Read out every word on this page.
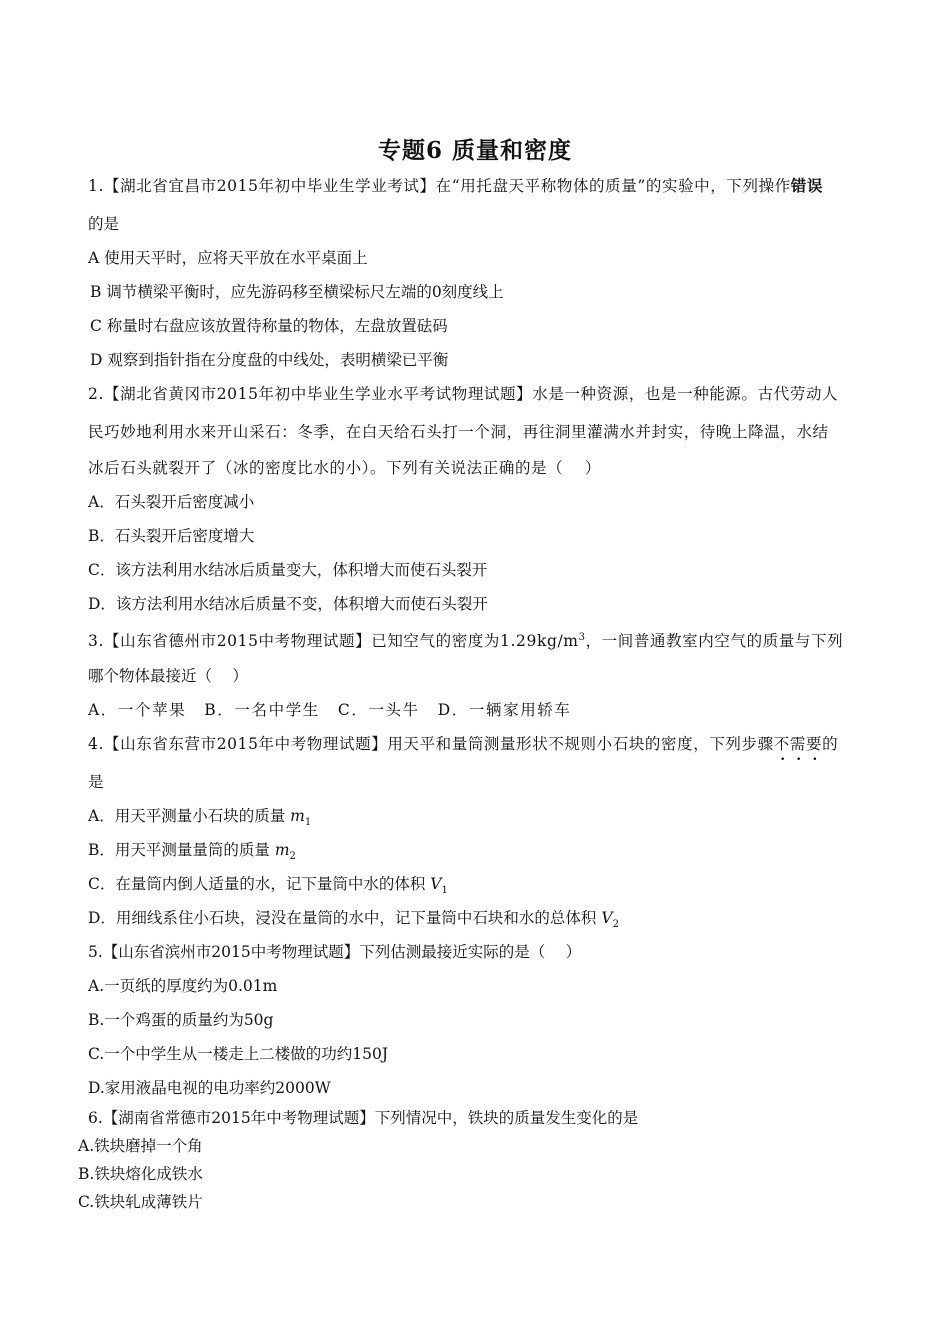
专题6 质量和密度
1.【湖北省宜昌市2015年初中毕业生学业考试】在“用托盘天平称物体的质量”的实验中，下列操作错误
的是
A 使用天平时，应将天平放在水平桌面上
B 调节横梁平衡时，应先游码移至横梁标尺左端的0刻度线上
C 称量时右盘应该放置待称量的物体，左盘放置砝码
D 观察到指针指在分度盘的中线处，表明横梁已平衡
2.【湖北省黄冈市2015年初中毕业生学业水平考试物理试题】水是一种资源，也是一种能源。古代劳动人
民巧妙地利用水来开山采石：冬季，在白天给石头打一个洞，再往洞里灌满水并封实，待晚上降温，水结
冰后石头就裂开了（冰的密度比水的小）。下列有关说法正确的是（　 ）
A．石头裂开后密度减小
B．石头裂开后密度增大
C．该方法利用水结冰后质量变大，体积增大而使石头裂开
D．该方法利用水结冰后质量不变，体积增大而使石头裂开
3.【山东省德州市2015中考物理试题】已知空气的密度为$1.29kg/m^3$，一间普通教室内空气的质量与下列
哪个物体最接近（　 ）
A．一个苹果 B．一名中学生 C．一头牛 D．一辆家用轿车
4.【山东省东营市2015年中考物理试题】用天平和量筒测量形状不规则小石块的密度，下列步骤不需要的
是
A．用天平测量小石块的质量 $m_1$
B．用天平测量量筒的质量 $m_2$
C．在量筒内倒人适量的水，记下量筒中水的体积 $V_1$
D．用细线系住小石块，浸没在量筒的水中，记下量筒中石块和水的总体积 $V_2$
5.【山东省滨州市2015中考物理试题】下列估测最接近实际的是（　 ）
A.一页纸的厚度约为0.01m
B.一个鸡蛋的质量约为50g
C.一个中学生从一楼走上二楼做的功约150J
D.家用液晶电视的电功率约2000W
6.【湖南省常德市2015年中考物理试题】下列情况中，铁块的质量发生变化的是
A.铁块磨掉一个角
B.铁块熔化成铁水
C.铁块轧成薄铁片
